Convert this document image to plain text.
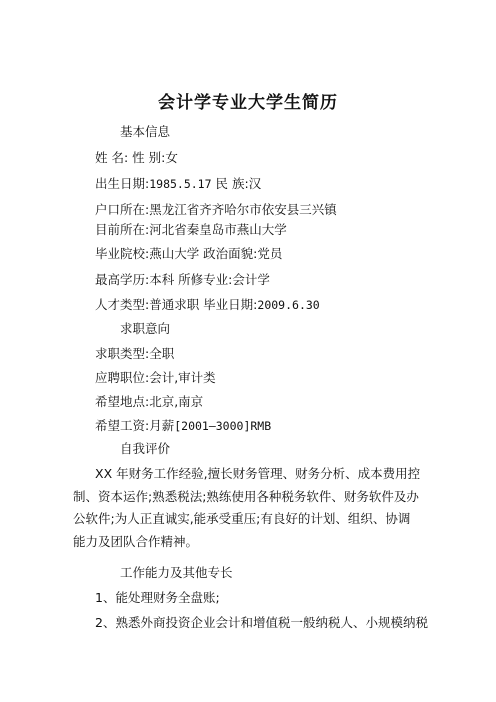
会计学专业大学生简历
基本信息
姓 名: 性 别:女
出生日期:1985.5.17 民 族:汉
户口所在:黑龙江省齐齐哈尔市依安县三兴镇
目前所在:河北省秦皇岛市燕山大学
毕业院校:燕山大学 政治面貌:党员
最高学历:本科 所修专业:会计学
人才类型:普通求职 毕业日期:2009.6.30
求职意向
求职类型:全职
应聘职位:会计,审计类
希望地点:北京,南京
希望工资:月薪[2001—3000]RMB
自我评价
XX 年财务工作经验,擅长财务管理、财务分析、成本费用控
制、资本运作;熟悉税法;熟练使用各种税务软件、财务软件及办
公软件;为人正直诚实,能承受重压;有良好的计划、组织、协调
能力及团队合作精神。
工作能力及其他专长
1、能处理财务全盘账;
2、熟悉外商投资企业会计和增值税一般纳税人、小规模纳税
